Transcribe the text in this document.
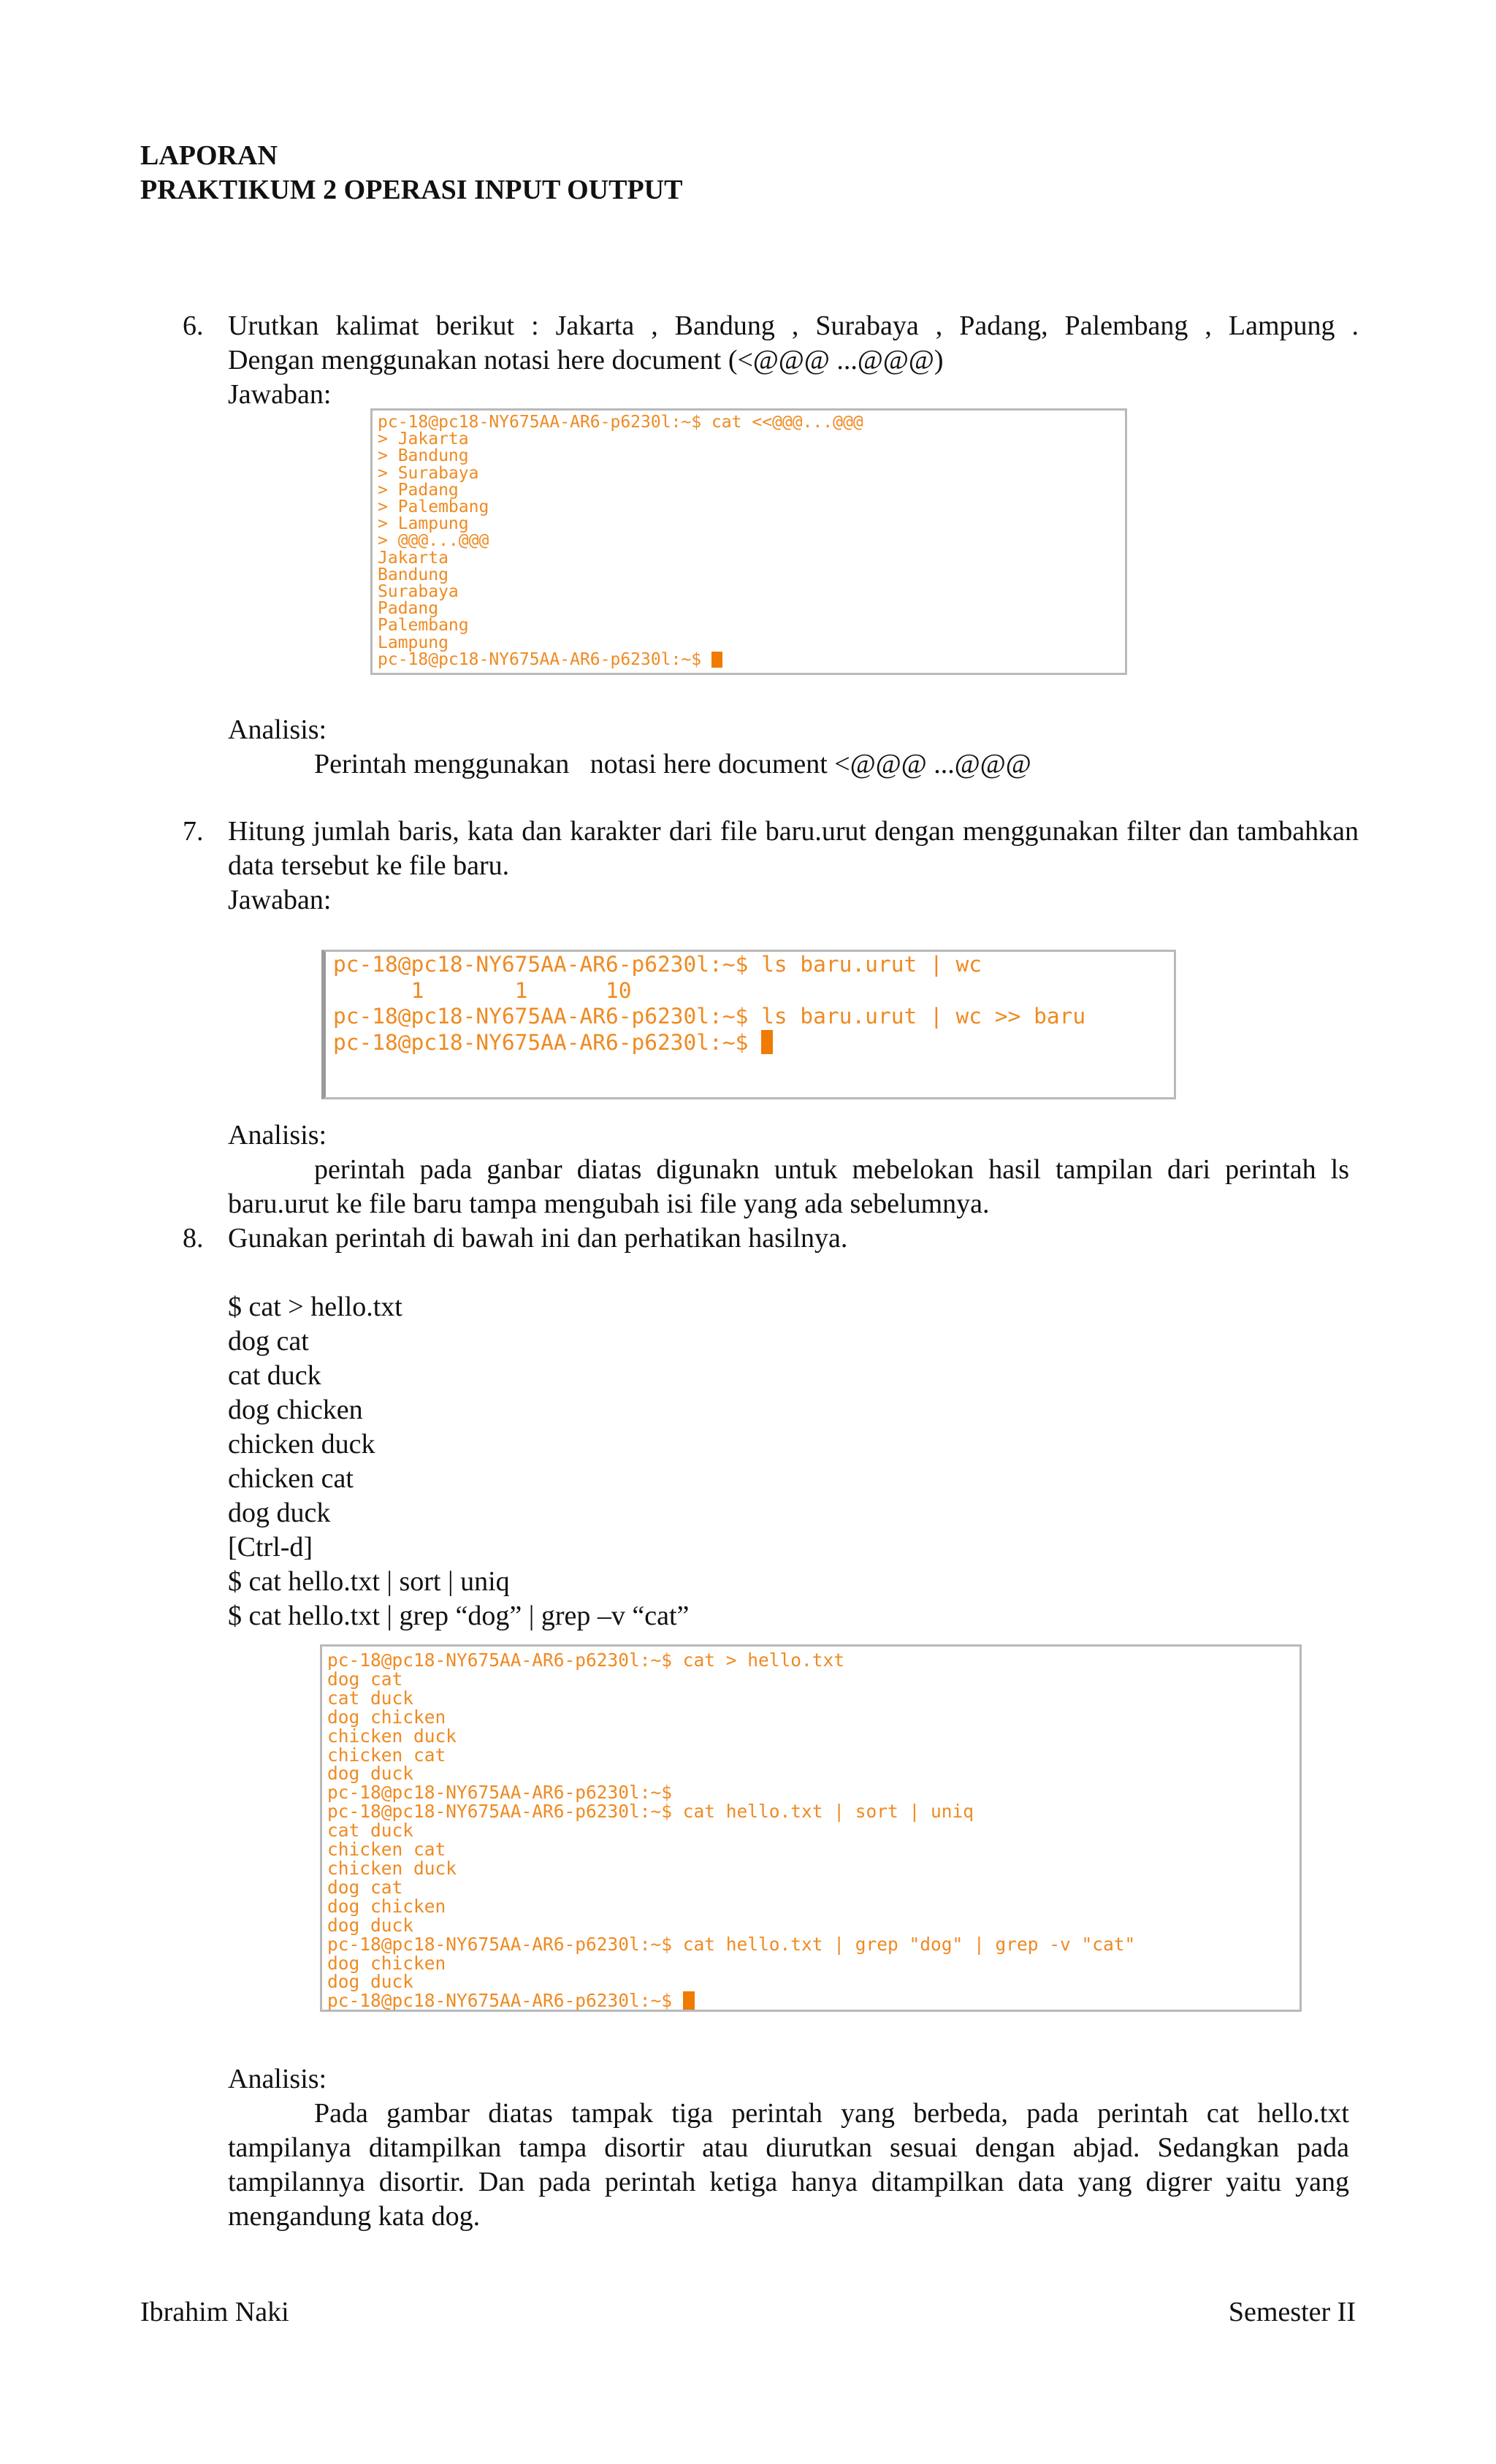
LAPORAN
PRAKTIKUM 2 OPERASI INPUT OUTPUT
6. Urutkan kalimat berikut : Jakarta , Bandung , Surabaya , Padang, Palembang , Lampung .
Dengan menggunakan notasi here document (<@@@ ...@@@)
Jawaban:
pc-18@pc18-NY675AA-AR6-p6230l:~$ cat <<@@@...@@@
> Jakarta
> Bandung
> Surabaya
> Padang
> Palembang
> Lampung
> @@@...@@@
Jakarta
Bandung
Surabaya
Padang
Palembang
Lampung
pc-18@pc18-NY675AA-AR6-p6230l:~$
Analisis:
Perintah menggunakan   notasi here document <@@@ ...@@@
7. Hitung jumlah baris, kata dan karakter dari file baru.urut dengan menggunakan filter dan tambahkan data tersebut ke file baru.
Jawaban:
pc-18@pc18-NY675AA-AR6-p6230l:~$ ls baru.urut | wc
1       1      10
pc-18@pc18-NY675AA-AR6-p6230l:~$ ls baru.urut | wc >> baru
pc-18@pc18-NY675AA-AR6-p6230l:~$
Analisis:
perintah pada ganbar diatas digunakn untuk mebelokan hasil tampilan dari perintah ls baru.urut ke file baru tampa mengubah isi file yang ada sebelumnya.
8. Gunakan perintah di bawah ini dan perhatikan hasilnya.
$ cat > hello.txt
dog cat
cat duck
dog chicken
chicken duck
chicken cat
dog duck
[Ctrl-d]
$ cat hello.txt | sort | uniq
$ cat hello.txt | grep “dog” | grep –v “cat”
pc-18@pc18-NY675AA-AR6-p6230l:~$ cat > hello.txt
dog cat
cat duck
dog chicken
chicken duck
chicken cat
dog duck
pc-18@pc18-NY675AA-AR6-p6230l:~$
pc-18@pc18-NY675AA-AR6-p6230l:~$ cat hello.txt | sort | uniq
cat duck
chicken cat
chicken duck
dog cat
dog chicken
dog duck
pc-18@pc18-NY675AA-AR6-p6230l:~$ cat hello.txt | grep "dog" | grep -v "cat"
dog chicken
dog duck
pc-18@pc18-NY675AA-AR6-p6230l:~$
Analisis:
Pada gambar diatas tampak tiga perintah yang berbeda, pada perintah cat hello.txt tampilanya ditampilkan tampa disortir atau diurutkan sesuai dengan abjad. Sedangkan pada tampilannya disortir. Dan pada perintah ketiga hanya ditampilkan data yang digrer yaitu yang mengandung kata dog.
Ibrahim Naki	Semester II
